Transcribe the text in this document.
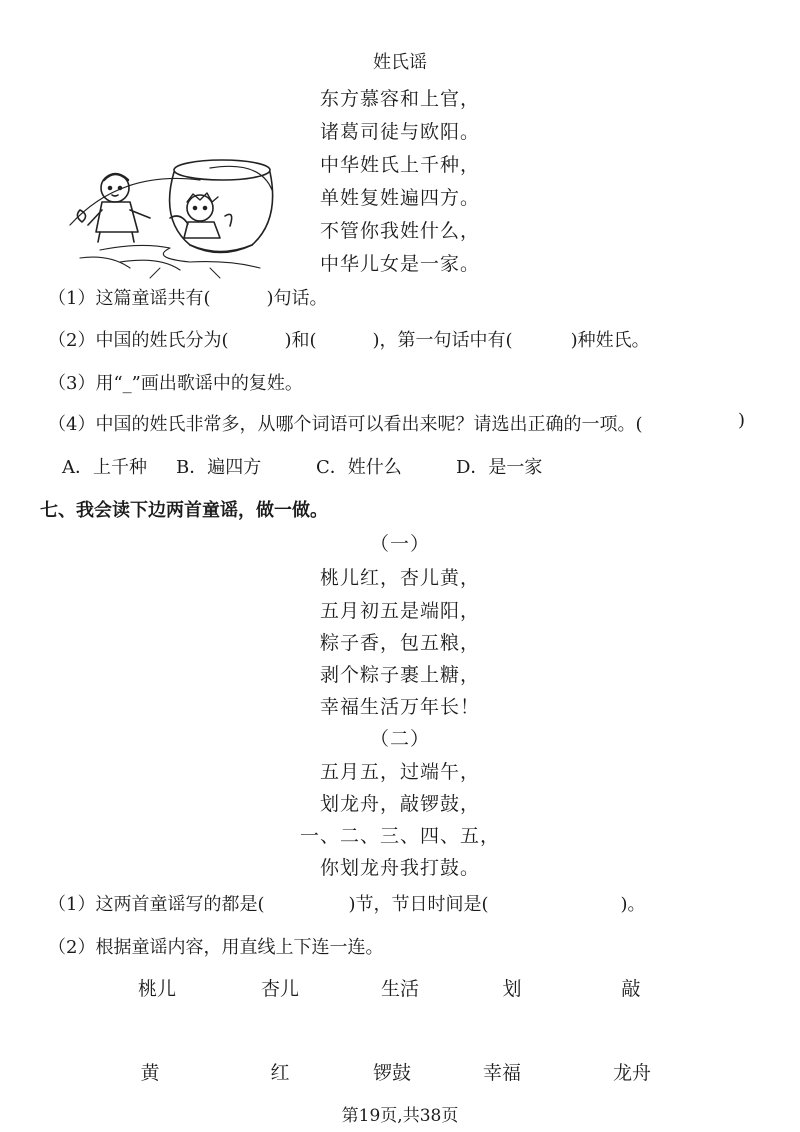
姓氏谣
东方慕容和上官，
诸葛司徒与欧阳。
中华姓氏上千种，
单姓复姓遍四方。
不管你我姓什么，
中华儿女是一家。
（1）这篇童谣共有(	)句话。
（2）中国的姓氏分为(	)和(	)，第一句话中有(	)种姓氏。
（3）用“_”画出歌谣中的复姓。
（4）中国的姓氏非常多，从哪个词语可以看出来呢？请选出正确的一项。(	)
A．上千种 B．遍四方	C．姓什么	D．是一家
七、我会读下边两首童谣，做一做。
（一）
桃儿红，杏儿黄，
五月初五是端阳，
粽子香，包五粮，
剥个粽子裹上糖，
幸福生活万年长！
（二）
五月五，过端午，
划龙舟，敲锣鼓，
一、二、三、四、五，
你划龙舟我打鼓。
（1）这两首童谣写的都是(	)节，节日时间是(	)。
（2）根据童谣内容，用直线上下连一连。
桃儿	杏儿	生活	划	敲
黄	红	锣鼓	幸福	龙舟
第19页,共38页
